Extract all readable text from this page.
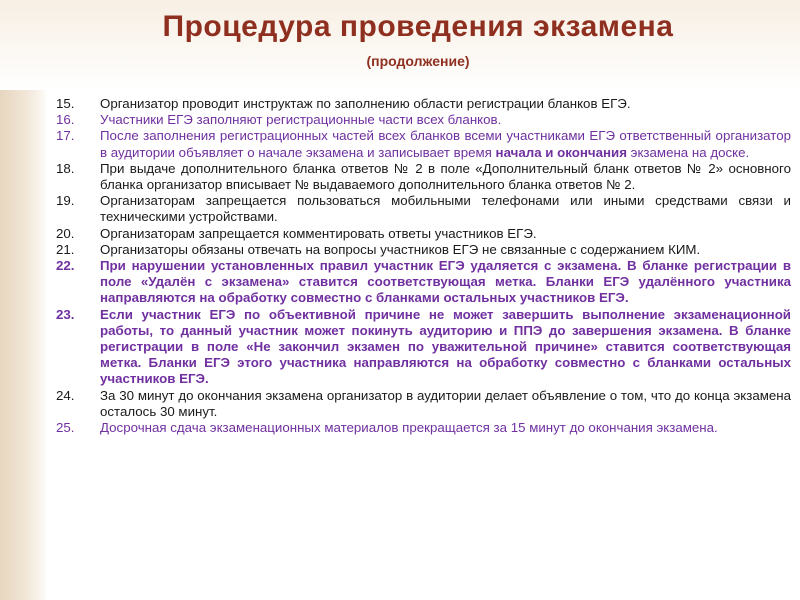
Процедура проведения экзамена
(продолжение)
15.	Организатор проводит инструктаж по заполнению области регистрации бланков ЕГЭ.
16.	Участники ЕГЭ заполняют регистрационные части всех бланков.
17.	После заполнения регистрационных частей всех бланков всеми участниками ЕГЭ ответственный организатор в аудитории объявляет о начале экзамена и записывает время начала и окончания экзамена на доске.
18.	При выдаче дополнительного бланка ответов № 2 в поле «Дополнительный бланк ответов № 2» основного бланка организатор вписывает № выдаваемого дополнительного бланка ответов № 2.
19.	Организаторам запрещается пользоваться мобильными телефонами или иными средствами связи и техническими устройствами.
20.	Организаторам запрещается комментировать ответы участников ЕГЭ.
21.	Организаторы обязаны отвечать на вопросы участников ЕГЭ не связанные с содержанием КИМ.
22.	При нарушении установленных правил участник ЕГЭ удаляется с экзамена. В бланке регистрации в поле «Удалён с экзамена» ставится соответствующая метка. Бланки ЕГЭ удалённого участника направляются на обработку совместно с бланками остальных участников ЕГЭ.
23.	Если участник ЕГЭ по объективной причине не может завершить выполнение экзаменационной работы, то данный участник может покинуть аудиторию и ППЭ до завершения экзамена. В бланке регистрации в поле «Не закончил экзамен по уважительной причине» ставится соответствующая метка. Бланки ЕГЭ этого участника направляются на обработку совместно с бланками остальных участников ЕГЭ.
24.	За 30 минут до окончания экзамена организатор в аудитории делает объявление о том, что до конца экзамена осталось 30 минут.
25.	Досрочная сдача экзаменационных материалов прекращается за 15 минут до окончания экзамена.
